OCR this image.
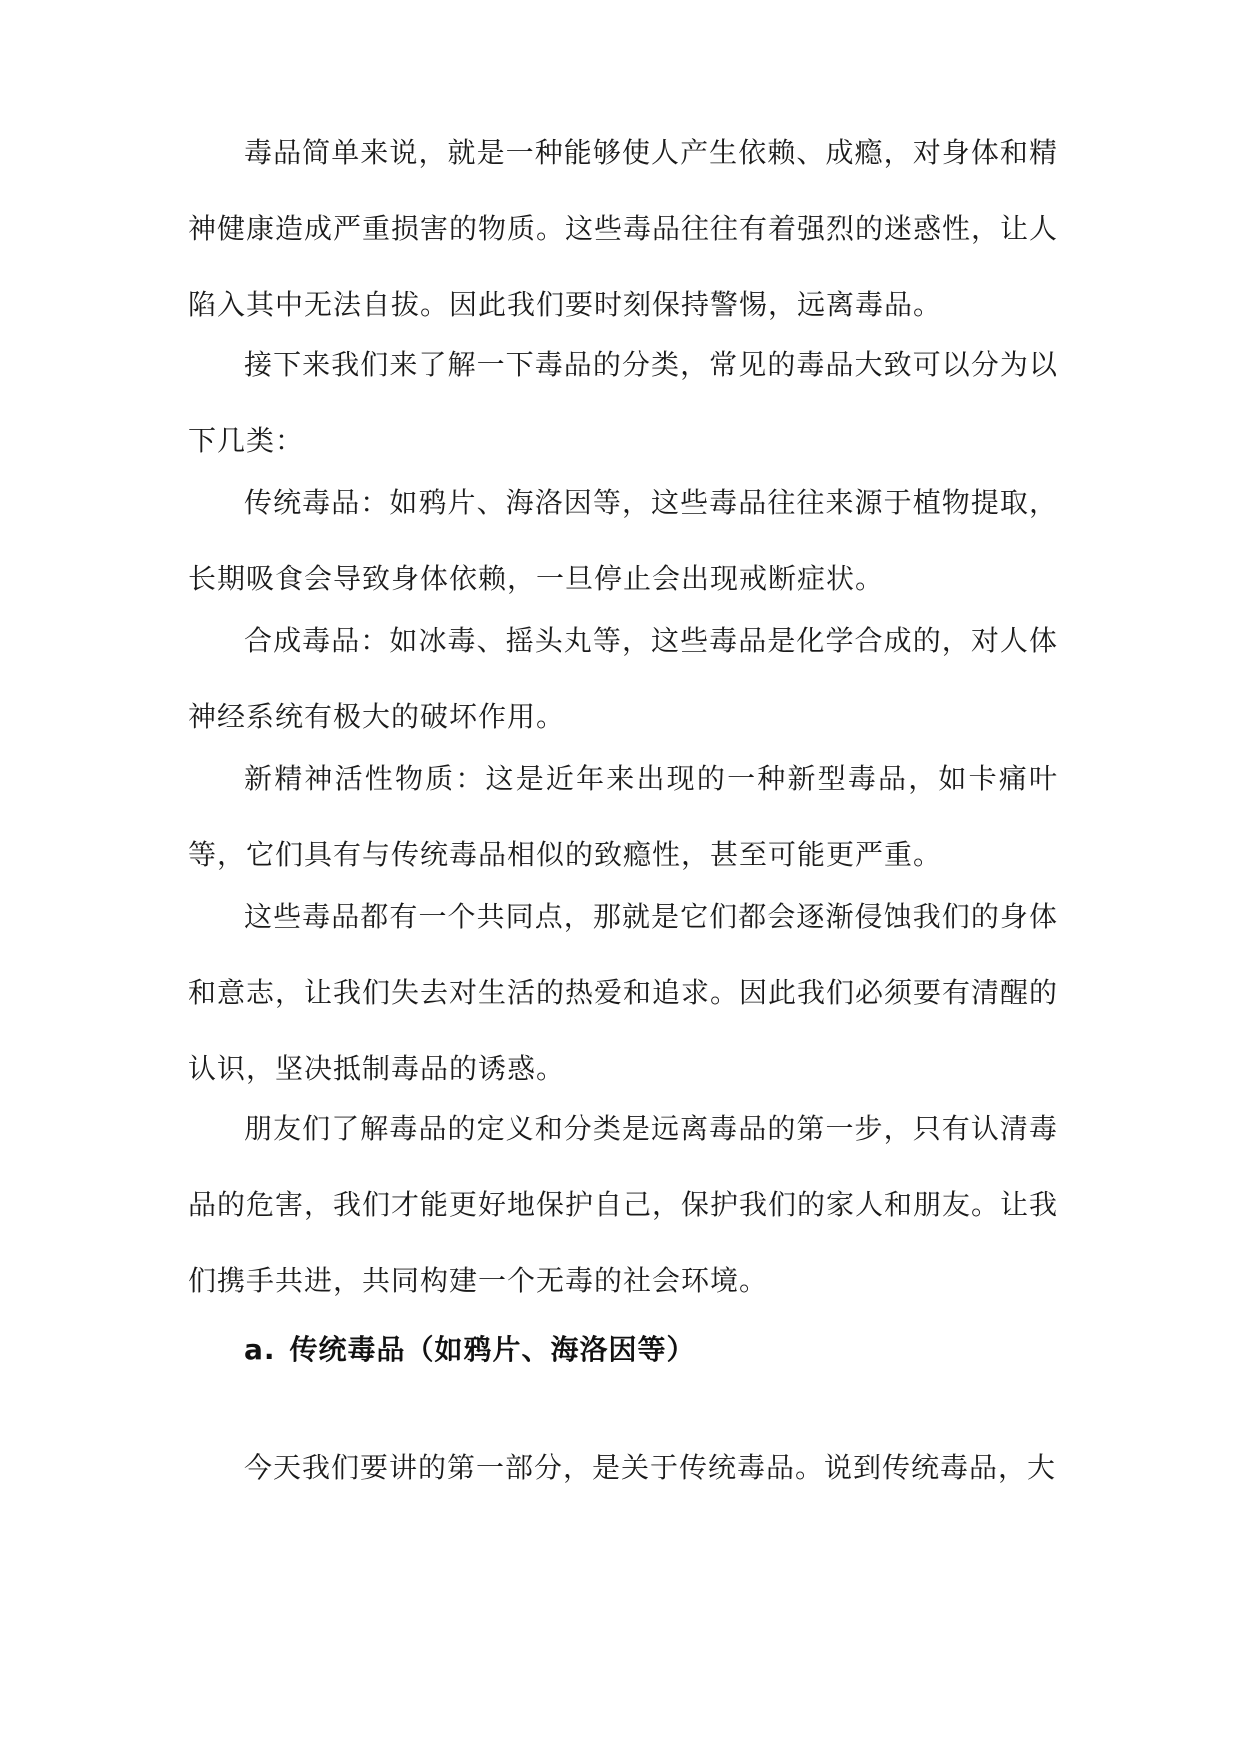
毒品简单来说，就是一种能够使人产生依赖、成瘾，对身体和精神健康造成严重损害的物质。这些毒品往往有着强烈的迷惑性，让人陷入其中无法自拔。因此我们要时刻保持警惕，远离毒品。

接下来我们来了解一下毒品的分类，常见的毒品大致可以分为以下几类：

传统毒品：如鸦片、海洛因等，这些毒品往往来源于植物提取，长期吸食会导致身体依赖，一旦停止会出现戒断症状。

合成毒品：如冰毒、摇头丸等，这些毒品是化学合成的，对人体神经系统有极大的破坏作用。

新精神活性物质：这是近年来出现的一种新型毒品，如卡痛叶等，它们具有与传统毒品相似的致瘾性，甚至可能更严重。

这些毒品都有一个共同点，那就是它们都会逐渐侵蚀我们的身体和意志，让我们失去对生活的热爱和追求。因此我们必须要有清醒的认识，坚决抵制毒品的诱惑。

朋友们了解毒品的定义和分类是远离毒品的第一步，只有认清毒品的危害，我们才能更好地保护自己，保护我们的家人和朋友。让我们携手共进，共同构建一个无毒的社会环境。

a. 传统毒品（如鸦片、海洛因等）

今天我们要讲的第一部分，是关于传统毒品。说到传统毒品，大
